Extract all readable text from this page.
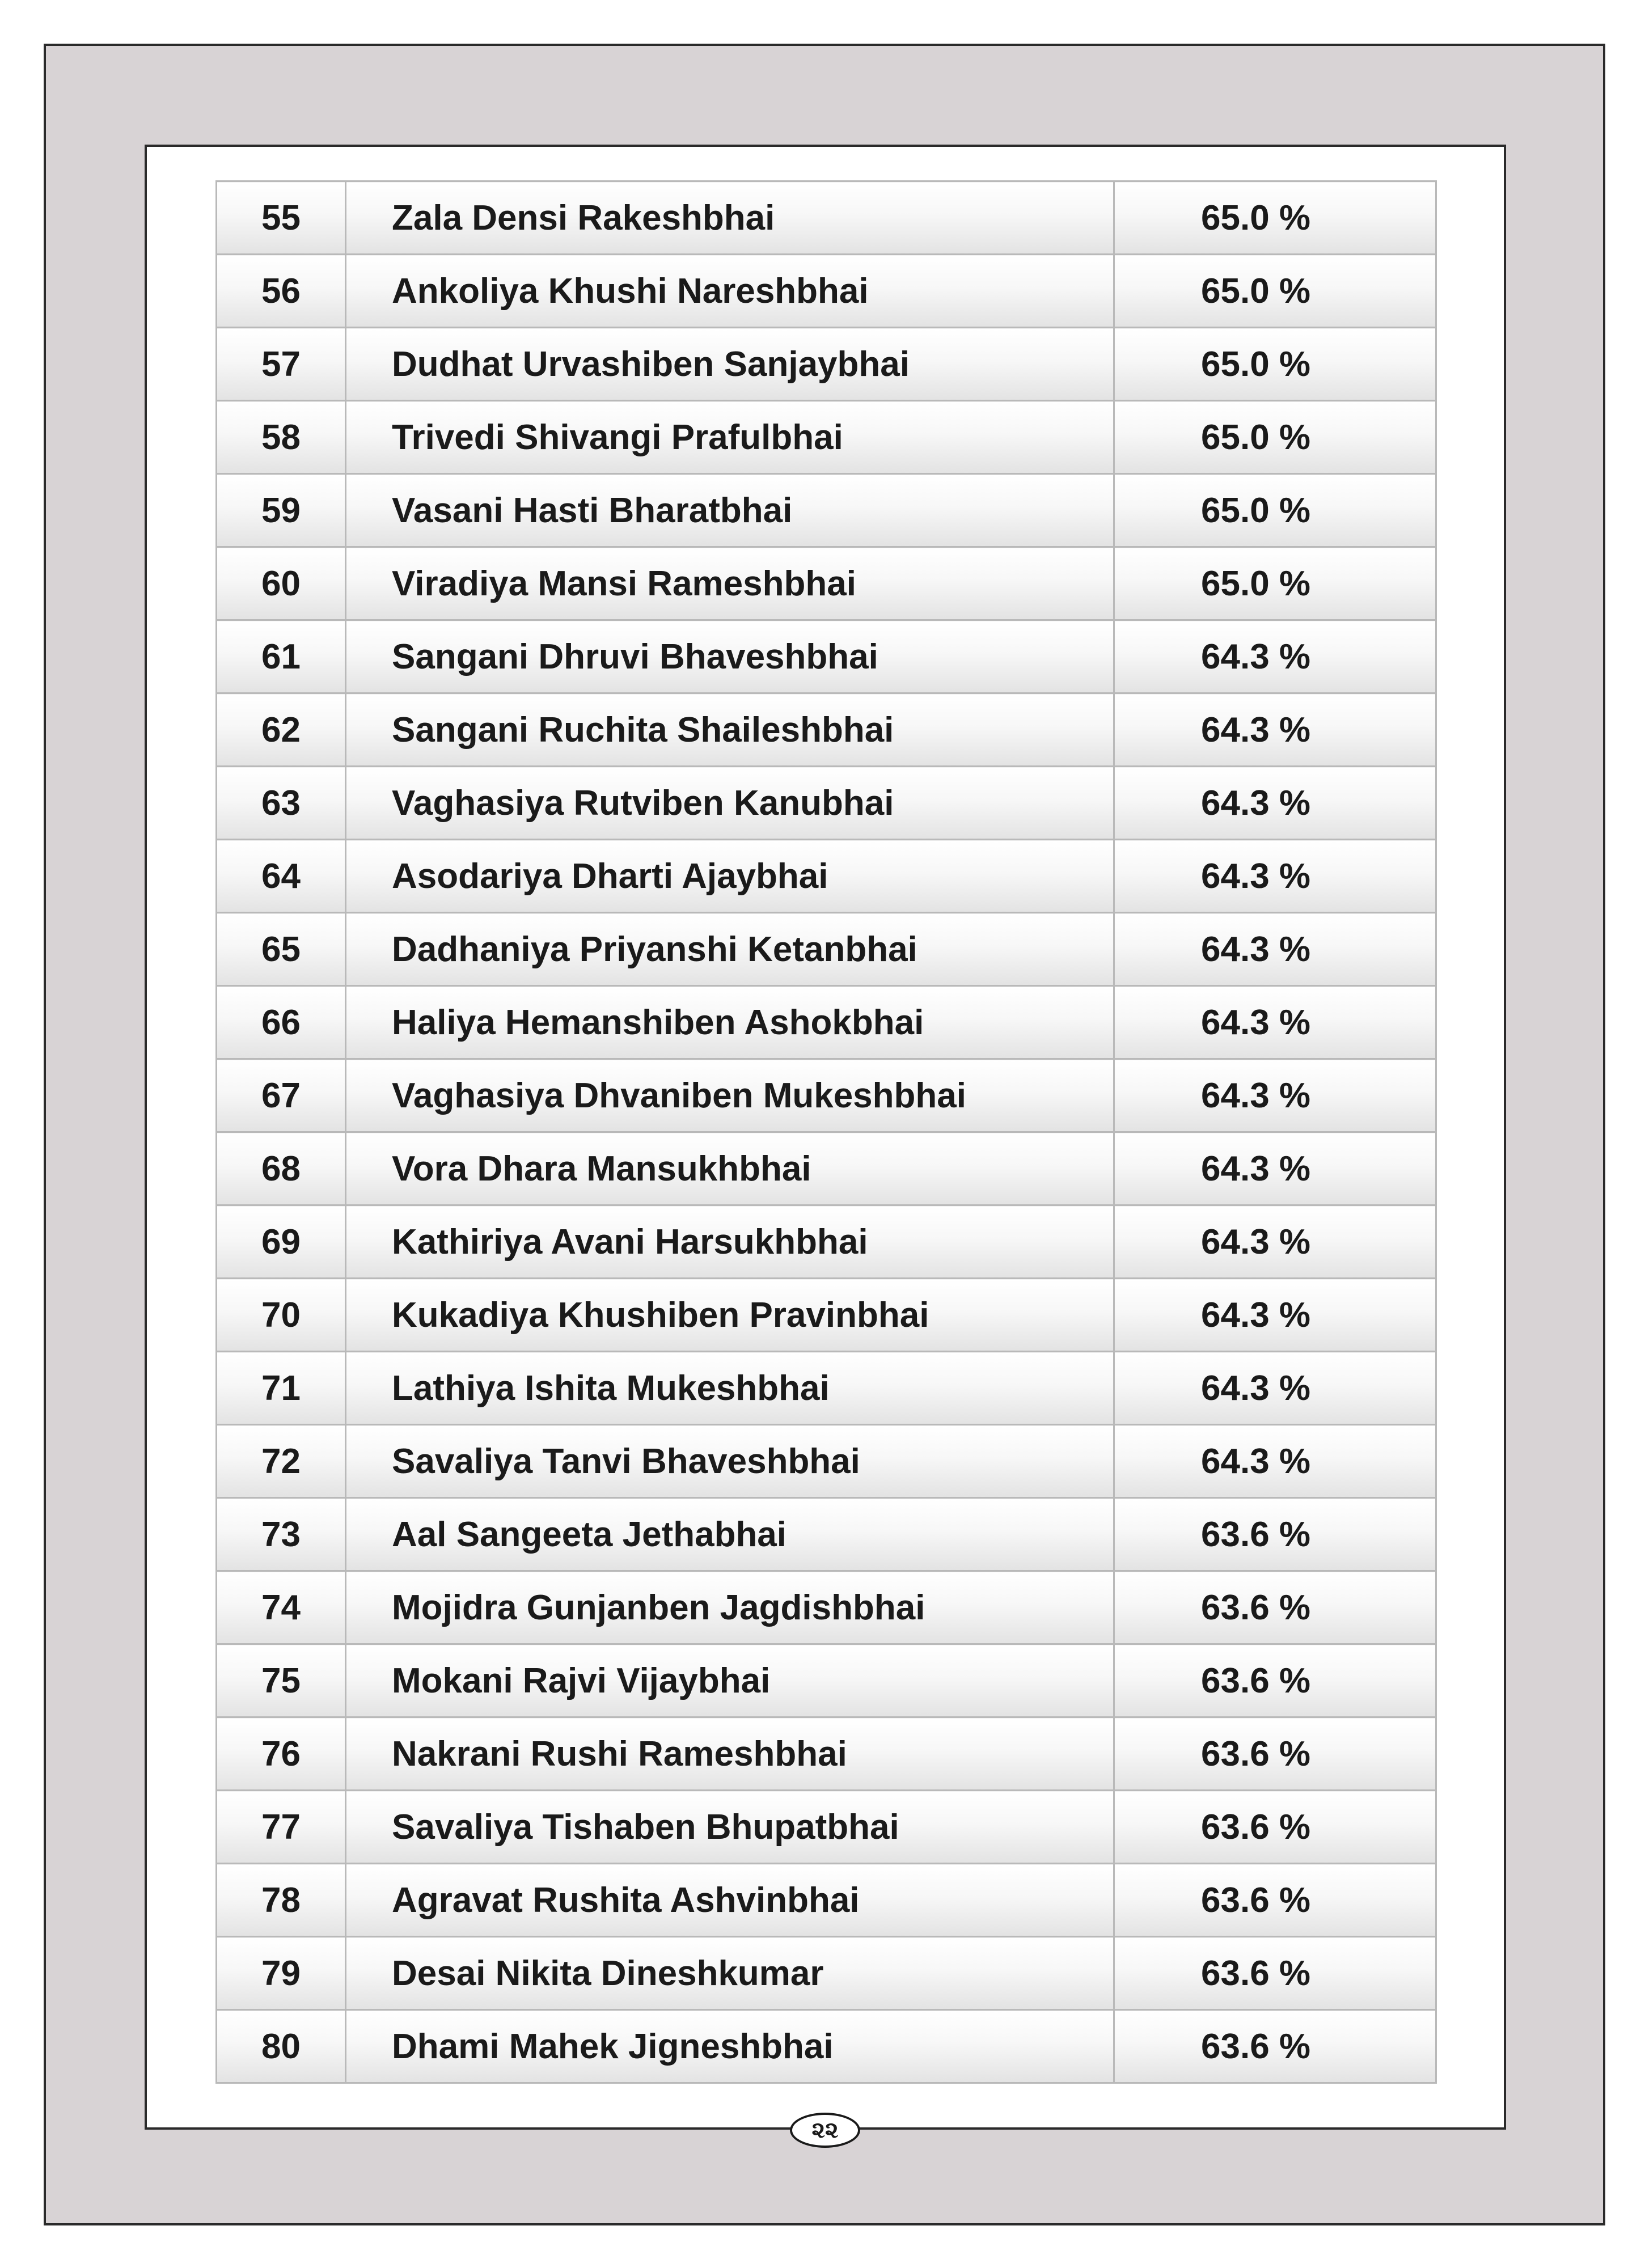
55	Zala Densi Rakeshbhai	65.0 %
56	Ankoliya Khushi Nareshbhai	65.0 %
57	Dudhat Urvashiben Sanjaybhai	65.0 %
58	Trivedi Shivangi Prafulbhai	65.0 %
59	Vasani Hasti Bharatbhai	65.0 %
60	Viradiya Mansi Rameshbhai	65.0 %
61	Sangani Dhruvi Bhaveshbhai	64.3 %
62	Sangani Ruchita Shaileshbhai	64.3 %
63	Vaghasiya Rutviben Kanubhai	64.3 %
64	Asodariya Dharti Ajaybhai	64.3 %
65	Dadhaniya Priyanshi Ketanbhai	64.3 %
66	Haliya Hemanshiben Ashokbhai	64.3 %
67	Vaghasiya Dhvaniben Mukeshbhai	64.3 %
68	Vora Dhara Mansukhbhai	64.3 %
69	Kathiriya Avani Harsukhbhai	64.3 %
70	Kukadiya Khushiben Pravinbhai	64.3 %
71	Lathiya Ishita Mukeshbhai	64.3 %
72	Savaliya Tanvi Bhaveshbhai	64.3 %
73	Aal Sangeeta Jethabhai	63.6 %
74	Mojidra Gunjanben Jagdishbhai	63.6 %
75	Mokani Rajvi Vijaybhai	63.6 %
76	Nakrani Rushi Rameshbhai	63.6 %
77	Savaliya Tishaben Bhupatbhai	63.6 %
78	Agravat Rushita Ashvinbhai	63.6 %
79	Desai Nikita Dineshkumar	63.6 %
80	Dhami Mahek Jigneshbhai	63.6 %
૨૨
